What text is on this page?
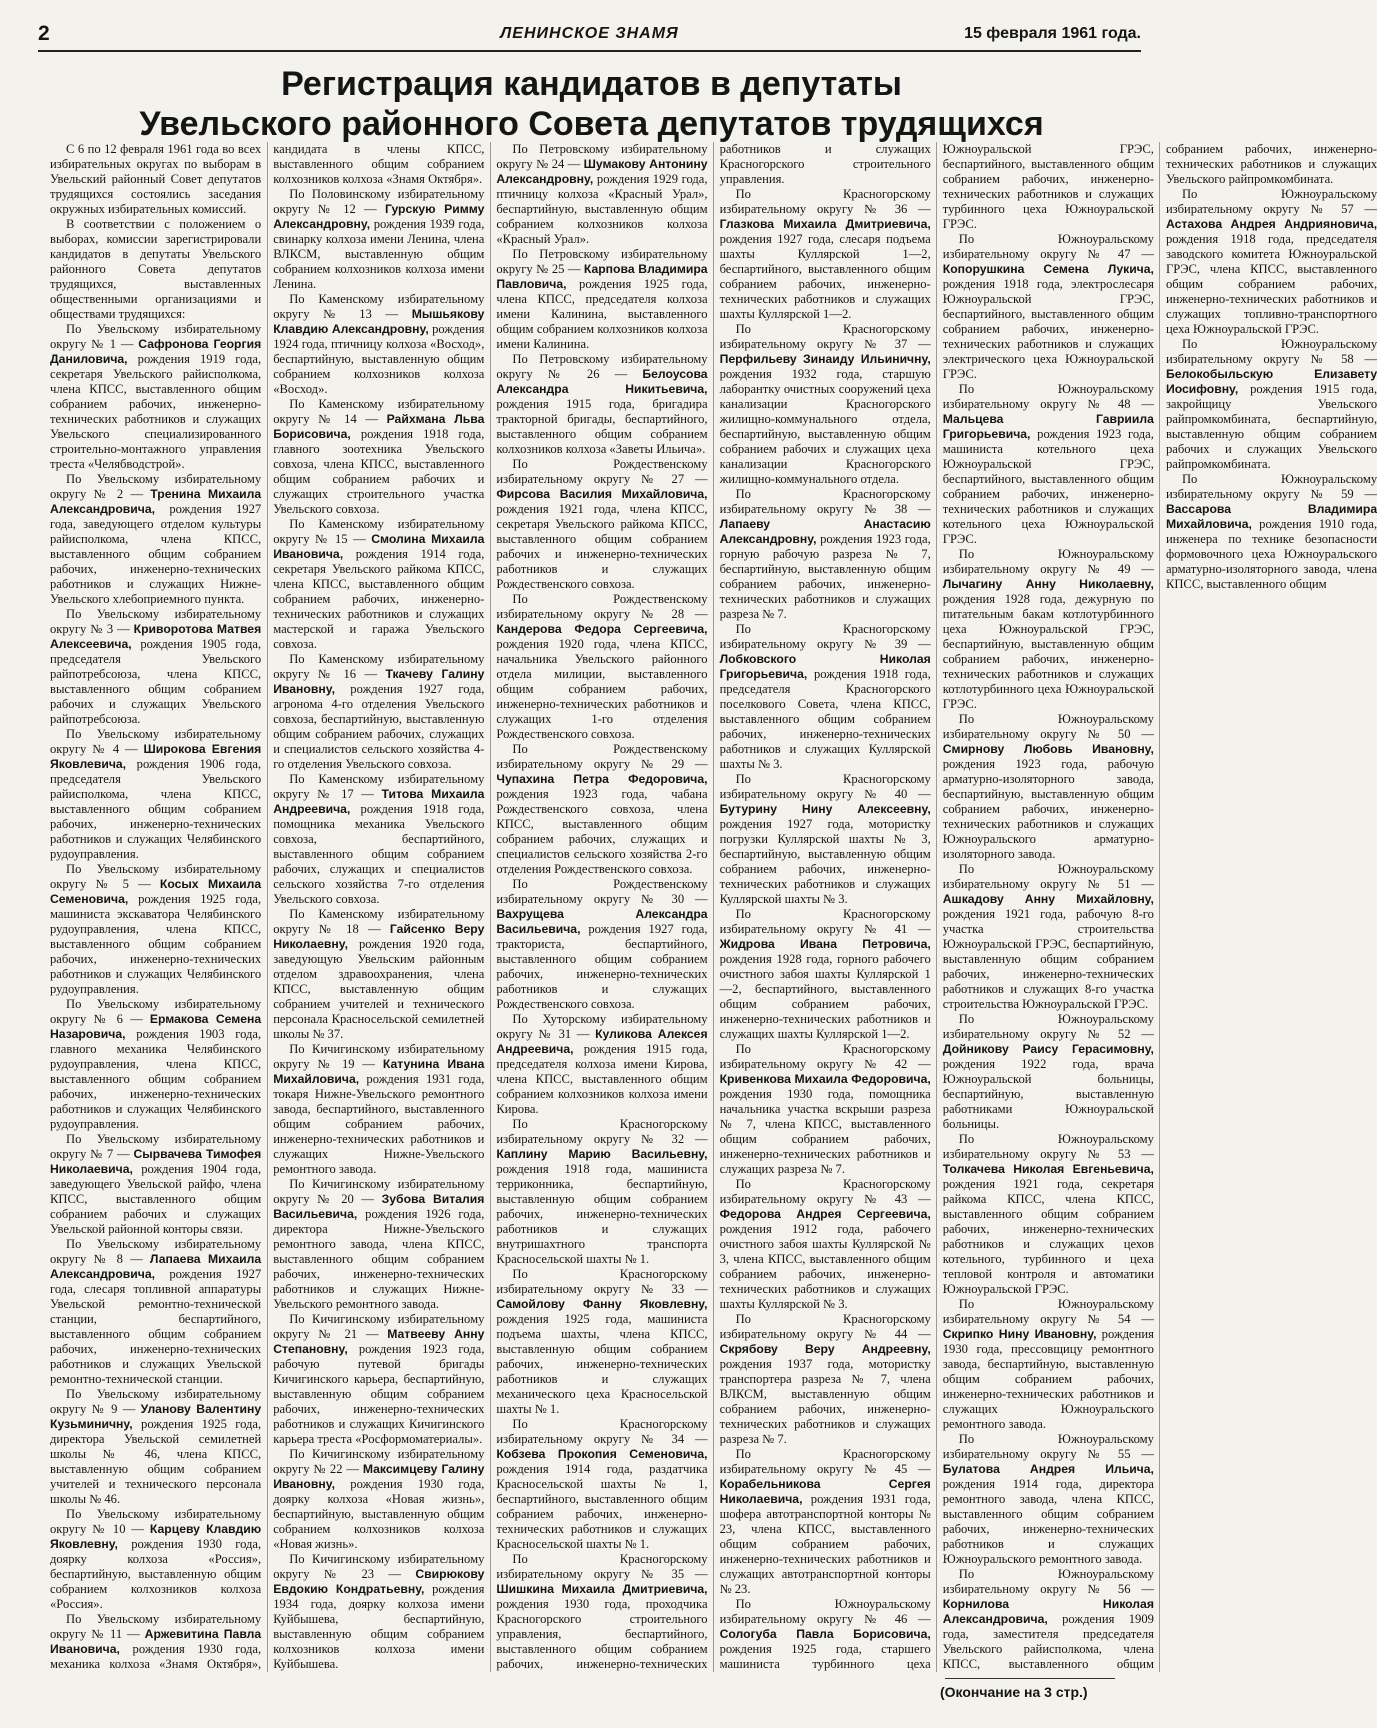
2	ЛЕНИНСКОЕ ЗНАМЯ	15 февраля 1961 года.
Регистрация кандидатов в депутаты
Увельского районного Совета депутатов трудящихся

С 6 по 12 февраля 1961 года во всех избирательных округах по выборам в Увельский районный Совет депутатов трудящихся состоялись заседания окружных избирательных комиссий.

В соответствии с положением о выборах, комиссии зарегистрировали кандидатов в депутаты Увельского районного Совета депутатов трудящихся, выставленных общественными организациями и обществами трудящихся:

По Увельскому избирательному округу № 1 — Сафронова Георгия Даниловича, рождения 1919 года, секретаря Увельского райисполкома, члена КПСС, выставленного общим собранием рабочих, инженерно-технических работников и служащих Увельского специализированного строительно-монтажного управления треста «Челябводстрой».

По Увельскому избирательному округу № 2 — Тренина Михаила Александровича, рождения 1927 года, заведующего отделом культуры райисполкома, члена КПСС, выставленного общим собранием рабочих, инженерно-технических работников и служащих Нижне-Увельского хлебоприемного пункта.

По Увельскому избирательному округу № 3 — Криворотова Матвея Алексеевича, рождения 1905 года, председателя Увельского райпотребсоюза, члена КПСС, выставленного общим собранием рабочих и служащих Увельского райпотребсоюза.

По Увельскому избирательному округу № 4 — Широкова Евгения Яковлевича, рождения 1906 года, председателя Увельского райисполкома, члена КПСС, выставленного общим собранием рабочих, инженерно-технических работников и служащих Челябинского рудоуправления.

По Увельскому избирательному округу № 5 — Косых Михаила Семеновича, рождения 1925 года, машиниста экскаватора Челябинского рудоуправления, члена КПСС, выставленного общим собранием рабочих, инженерно-технических работников и служащих Челябинского рудоуправления.

По Увельскому избирательному округу № 6 — Ермакова Семена Назаровича, рождения 1903 года, главного механика Челябинского рудоуправления, члена КПСС, выставленного общим собранием рабочих, инженерно-технических работников и служащих Челябинского рудоуправления.

По Увельскому избирательному округу № 7 — Сырвачева Тимофея Николаевича, рождения 1904 года, заведующего Увельской райфо, члена КПСС, выставленного общим собранием рабочих и служащих Увельской районной конторы связи.

По Увельскому избирательному округу № 8 — Лапаева Михаила Александровича, рождения 1927 года, слесаря топливной аппаратуры Увельской ремонтно-технической станции, беспартийного, выставленного общим собранием рабочих, инженерно-технических работников и служащих Увельской ремонтно-технической станции.

По Увельскому избирательному округу № 9 — Уланову Валентину Кузьминичну, рождения 1925 года, директора Увельской семилетней школы № 46, члена КПСС, выставленную общим собранием учителей и технического персонала школы № 46.

По Увельскому избирательному округу № 10 — Карцеву Клавдию Яковлевну, рождения 1930 года, доярку колхоза «Россия», беспартийную, выставленную общим собранием колхозников колхоза «Россия».

По Увельскому избирательному округу № 11 — Аржевитина Павла Ивановича, рождения 1930 года, механика колхоза «Знамя Октября», кандидата в члены КПСС, выставленного общим собранием колхозников колхоза «Знамя Октября».

По Половинскому избирательному округу № 12 — Гурскую Римму Александровну, рождения 1939 года, свинарку колхоза имени Ленина, члена ВЛКСМ, выставленную общим собранием колхозников колхоза имени Ленина.

По Каменскому избирательному округу № 13 — Мышьякову Клавдию Александровну, рождения 1924 года, птичницу колхоза «Восход», беспартийную, выставленную общим собранием колхозников колхоза «Восход».

По Каменскому избирательному округу № 14 — Райхмана Льва Борисовича, рождения 1918 года, главного зоотехника Увельского совхоза, члена КПСС, выставленного общим собранием рабочих и служащих строительного участка Увельского совхоза.

По Каменскому избирательному округу № 15 — Смолина Михаила Ивановича, рождения 1914 года, секретаря Увельского райкома КПСС, члена КПСС, выставленного общим собранием рабочих, инженерно-технических работников и служащих мастерской и гаража Увельского совхоза.

По Каменскому избирательному округу № 16 — Ткачеву Галину Ивановну, рождения 1927 года, агронома 4-го отделения Увельского совхоза, беспартийную, выставленную общим собранием рабочих, служащих и специалистов сельского хозяйства 4-го отделения Увельского совхоза.

По Каменскому избирательному округу № 17 — Титова Михаила Андреевича, рождения 1918 года, помощника механика Увельского совхоза, беспартийного, выставленного общим собранием рабочих, служащих и специалистов сельского хозяйства 7-го отделения Увельского совхоза.

По Каменскому избирательному округу № 18 — Гайсенко Веру Николаевну, рождения 1920 года, заведующую Увельским районным отделом здравоохранения, члена КПСС, выставленную общим собранием учителей и технического персонала Красносельской семилетней школы № 37.

По Кичигинскому избирательному округу № 19 — Катунина Ивана Михайловича, рождения 1931 года, токаря Нижне-Увельского ремонтного завода, беспартийного, выставленного общим собранием рабочих, инженерно-технических работников и служащих Нижне-Увельского ремонтного завода.

По Кичигинскому избирательному округу № 20 — Зубова Виталия Васильевича, рождения 1926 года, директора Нижне-Увельского ремонтного завода, члена КПСС, выставленного общим собранием рабочих, инженерно-технических работников и служащих Нижне-Увельского ремонтного завода.

По Кичигинскому избирательному округу № 21 — Матвееву Анну Степановну, рождения 1923 года, рабочую путевой бригады Кичигинского карьера, беспартийную, выставленную общим собранием рабочих, инженерно-технических работников и служащих Кичигинского карьера треста «Росформоматериалы».

По Кичигинскому избирательному округу № 22 — Максимцеву Галину Ивановну, рождения 1930 года, доярку колхоза «Новая жизнь», беспартийную, выставленную общим собранием колхозников колхоза «Новая жизнь».

По Кичигинскому избирательному округу № 23 — Свирюкову Евдокию Кондратьевну, рождения 1934 года, доярку колхоза имени Куйбышева, беспартийную, выставленную общим собранием колхозников колхоза имени Куйбышева.

По Петровскому избирательному округу № 24 — Шумакову Антонину Александровну, рождения 1929 года, птичницу колхоза «Красный Урал», беспартийную, выставленную общим собранием колхозников колхоза «Красный Урал».

По Петровскому избирательному округу № 25 — Карпова Владимира Павловича, рождения 1925 года, члена КПСС, председателя колхоза имени Калинина, выставленного общим собранием колхозников колхоза имени Калинина.

По Петровскому избирательному округу № 26 — Белоусова Александра Никитьевича, рождения 1915 года, бригадира тракторной бригады, беспартийного, выставленного общим собранием колхозников колхоза «Заветы Ильича».

По Рождественскому избирательному округу № 27 — Фирсова Василия Михайловича, рождения 1921 года, члена КПСС, секретаря Увельского райкома КПСС, выставленного общим собранием рабочих и инженерно-технических работников и служащих Рождественского совхоза.

По Рождественскому избирательному округу № 28 — Кандерова Федора Сергеевича, рождения 1920 года, члена КПСС, начальника Увельского районного отдела милиции, выставленного общим собранием рабочих, инженерно-технических работников и служащих 1-го отделения Рождественского совхоза.

По Рождественскому избирательному округу № 29 — Чупахина Петра Федоровича, рождения 1923 года, чабана Рождественского совхоза, члена КПСС, выставленного общим собранием рабочих, служащих и специалистов сельского хозяйства 2-го отделения Рождественского совхоза.

По Рождественскому избирательному округу № 30 — Вахрущева Александра Васильевича, рождения 1927 года, тракториста, беспартийного, выставленного общим собранием рабочих, инженерно-технических работников и служащих Рождественского совхоза.

По Хуторскому избирательному округу № 31 — Куликова Алексея Андреевича, рождения 1915 года, председателя колхоза имени Кирова, члена КПСС, выставленного общим собранием колхозников колхоза имени Кирова.

По Красногорскому избирательному округу № 32 — Каплину Марию Васильевну, рождения 1918 года, машиниста терриконника, беспартийную, выставленную общим собранием рабочих, инженерно-технических работников и служащих внутришахтного транспорта Красносельской шахты № 1.

По Красногорскому избирательному округу № 33 — Самойлову Фанну Яковлевну, рождения 1925 года, машиниста подъема шахты, члена КПСС, выставленную общим собранием рабочих, инженерно-технических работников и служащих механического цеха Красносельской шахты № 1.

По Красногорскому избирательному округу № 34 — Кобзева Прокопия Семеновича, рождения 1914 года, раздатчика Красносельской шахты № 1, беспартийного, выставленного общим собранием рабочих, инженерно-технических работников и служащих Красносельской шахты № 1.

По Красногорскому избирательному округу № 35 — Шишкина Михаила Дмитриевича, рождения 1930 года, проходчика Красногорского строительного управления, беспартийного, выставленного общим собранием рабочих, инженерно-технических работников и служащих Красногорского строительного управления.

По Красногорскому избирательному округу № 36 — Глазкова Михаила Дмитриевича, рождения 1927 года, слесаря подъема шахты Куллярской 1—2, беспартийного, выставленного общим собранием рабочих, инженерно-технических работников и служащих шахты Куллярской 1—2.

По Красногорскому избирательному округу № 37 — Перфильеву Зинаиду Ильиничну, рождения 1932 года, старшую лаборантку очистных сооружений цеха канализации Красногорского жилищно-коммунального отдела, беспартийную, выставленную общим собранием рабочих и служащих цеха канализации Красногорского жилищно-коммунального отдела.

По Красногорскому избирательному округу № 38 — Лапаеву Анастасию Александровну, рождения 1923 года, горную рабочую разреза № 7, беспартийную, выставленную общим собранием рабочих, инженерно-технических работников и служащих разреза № 7.

По Красногорскому избирательному округу № 39 — Лобковского Николая Григорьевича, рождения 1918 года, председателя Красногорского поселкового Совета, члена КПСС, выставленного общим собранием рабочих, инженерно-технических работников и служащих Куллярской шахты № 3.

По Красногорскому избирательному округу № 40 — Бутурину Нину Алексеевну, рождения 1927 года, мотористку погрузки Куллярской шахты № 3, беспартийную, выставленную общим собранием рабочих, инженерно-технических работников и служащих Куллярской шахты № 3.

По Красногорскому избирательному округу № 41 — Жидрова Ивана Петровича, рождения 1928 года, горного рабочего очистного забоя шахты Куллярской 1—2, беспартийного, выставленного общим собранием рабочих, инженерно-технических работников и служащих шахты Куллярской 1—2.

По Красногорскому избирательному округу № 42 — Кривенкова Михаила Федоровича, рождения 1930 года, помощника начальника участка вскрыши разреза № 7, члена КПСС, выставленного общим собранием рабочих, инженерно-технических работников и служащих разреза № 7.

По Красногорскому избирательному округу № 43 — Федорова Андрея Сергеевича, рождения 1912 года, рабочего очистного забоя шахты Куллярской № 3, члена КПСС, выставленного общим собранием рабочих, инженерно-технических работников и служащих шахты Куллярской № 3.

По Красногорскому избирательному округу № 44 — Скрябову Веру Андреевну, рождения 1937 года, мотористку транспортера разреза № 7, члена ВЛКСМ, выставленную общим собранием рабочих, инженерно-технических работников и служащих разреза № 7.

По Красногорскому избирательному округу № 45 — Корабельникова Сергея Николаевича, рождения 1931 года, шофера автотранспортной конторы № 23, члена КПСС, выставленного общим собранием рабочих, инженерно-технических работников и служащих автотранспортной конторы № 23.

По Южноуральскому избирательному округу № 46 — Сологуба Павла Борисовича, рождения 1925 года, старшего машиниста турбинного цеха Южноуральской ГРЭС, беспартийного, выставленного общим собранием рабочих, инженерно-технических работников и служащих турбинного цеха Южноуральской ГРЭС.

По Южноуральскому избирательному округу № 47 — Копорушкина Семена Лукича, рождения 1918 года, электрослесаря Южноуральской ГРЭС, беспартийного, выставленного общим собранием рабочих, инженерно-технических работников и служащих электрического цеха Южноуральской ГРЭС.

По Южноуральскому избирательному округу № 48 — Мальцева Гавриила Григорьевича, рождения 1923 года, машиниста котельного цеха Южноуральской ГРЭС, беспартийного, выставленного общим собранием рабочих, инженерно-технических работников и служащих котельного цеха Южноуральской ГРЭС.

По Южноуральскому избирательному округу № 49 — Лычагину Анну Николаевну, рождения 1928 года, дежурную по питательным бакам котлотурбинного цеха Южноуральской ГРЭС, беспартийную, выставленную общим собранием рабочих, инженерно-технических работников и служащих котлотурбинного цеха Южноуральской ГРЭС.

По Южноуральскому избирательному округу № 50 — Смирнову Любовь Ивановну, рождения 1923 года, рабочую арматурно-изоляторного завода, беспартийную, выставленную общим собранием рабочих, инженерно-технических работников и служащих Южноуральского арматурно-изоляторного завода.

По Южноуральскому избирательному округу № 51 — Ашкадову Анну Михайловну, рождения 1921 года, рабочую 8-го участка строительства Южноуральской ГРЭС, беспартийную, выставленную общим собранием рабочих, инженерно-технических работников и служащих 8-го участка строительства Южноуральской ГРЭС.

По Южноуральскому избирательному округу № 52 — Дойникову Раису Герасимовну, рождения 1922 года, врача Южноуральской больницы, беспартийную, выставленную работниками Южноуральской больницы.

По Южноуральскому избирательному округу № 53 — Толкачева Николая Евгеньевича, рождения 1921 года, секретаря райкома КПСС, члена КПСС, выставленного общим собранием рабочих, инженерно-технических работников и служащих цехов котельного, турбинного и цеха тепловой контроля и автоматики Южноуральской ГРЭС.

По Южноуральскому избирательному округу № 54 — Скрипко Нину Ивановну, рождения 1930 года, прессовщицу ремонтного завода, беспартийную, выставленную общим собранием рабочих, инженерно-технических работников и служащих Южноуральского ремонтного завода.

По Южноуральскому избирательному округу № 55 — Булатова Андрея Ильича, рождения 1914 года, директора ремонтного завода, члена КПСС, выставленного общим собранием рабочих, инженерно-технических работников и служащих Южноуральского ремонтного завода.

По Южноуральскому избирательному округу № 56 — Корнилова Николая Александровича, рождения 1909 года, заместителя председателя Увельского райисполкома, члена КПСС, выставленного общим собранием рабочих, инженерно-технических работников и служащих Увельского райпромкомбината.

По Южноуральскому избирательному округу № 57 — Астахова Андрея Андрияновича, рождения 1918 года, председателя заводского комитета Южноуральской ГРЭС, члена КПСС, выставленного общим собранием рабочих, инженерно-технических работников и служащих топливно-транспортного цеха Южноуральской ГРЭС.

По Южноуральскому избирательному округу № 58 — Белокобыльскую Елизавету Иосифовну, рождения 1915 года, закройщицу Увельского райпромкомбината, беспартийную, выставленную общим собранием рабочих и служащих Увельского райпромкомбината.

По Южноуральскому избирательному округу № 59 — Вассарова Владимира Михайловича, рождения 1910 года, инженера по технике безопасности формовочного цеха Южноуральского арматурно-изоляторного завода, члена КПСС, выставленного общим

(Окончание на 3 стр.)
